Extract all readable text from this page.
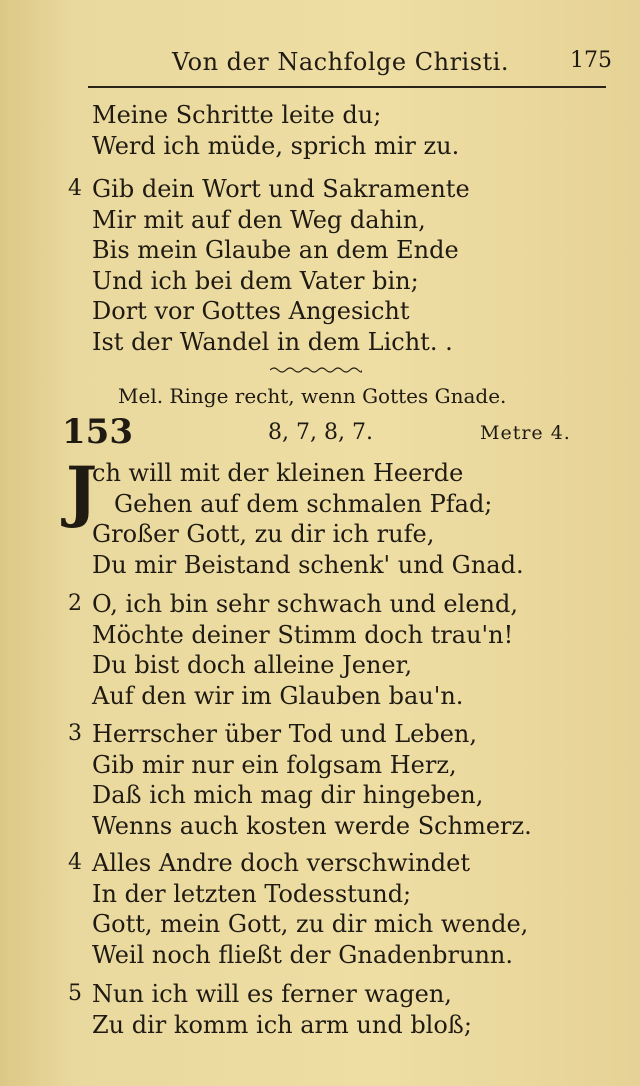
Von der Nachfolge Christi.	175
Meine Schritte leite du;
Werd ich müde, sprich mir zu.
4 Gib dein Wort und Sakramente
Mir mit auf den Weg dahin,
Bis mein Glaube an dem Ende
Und ich bei dem Vater bin;
Dort vor Gottes Angesicht
Ist der Wandel in dem Licht. .
Mel. Ringe recht, wenn Gottes Gnade.
153	8, 7, 8, 7.	Metre 4.
J
ch will mit der kleinen Heerde
Gehen auf dem schmalen Pfad;
Großer Gott, zu dir ich rufe,
Du mir Beistand schenk' und Gnad.
2 O, ich bin sehr schwach und elend,
Möchte deiner Stimm doch trau'n!
Du bist doch alleine Jener,
Auf den wir im Glauben bau'n.
3 Herrscher über Tod und Leben,
Gib mir nur ein folgsam Herz,
Daß ich mich mag dir hingeben,
Wenns auch kosten werde Schmerz.
4 Alles Andre doch verschwindet
In der letzten Todesstund;
Gott, mein Gott, zu dir mich wende,
Weil noch fließt der Gnadenbrunn.
5 Nun ich will es ferner wagen,
Zu dir komm ich arm und bloß;
